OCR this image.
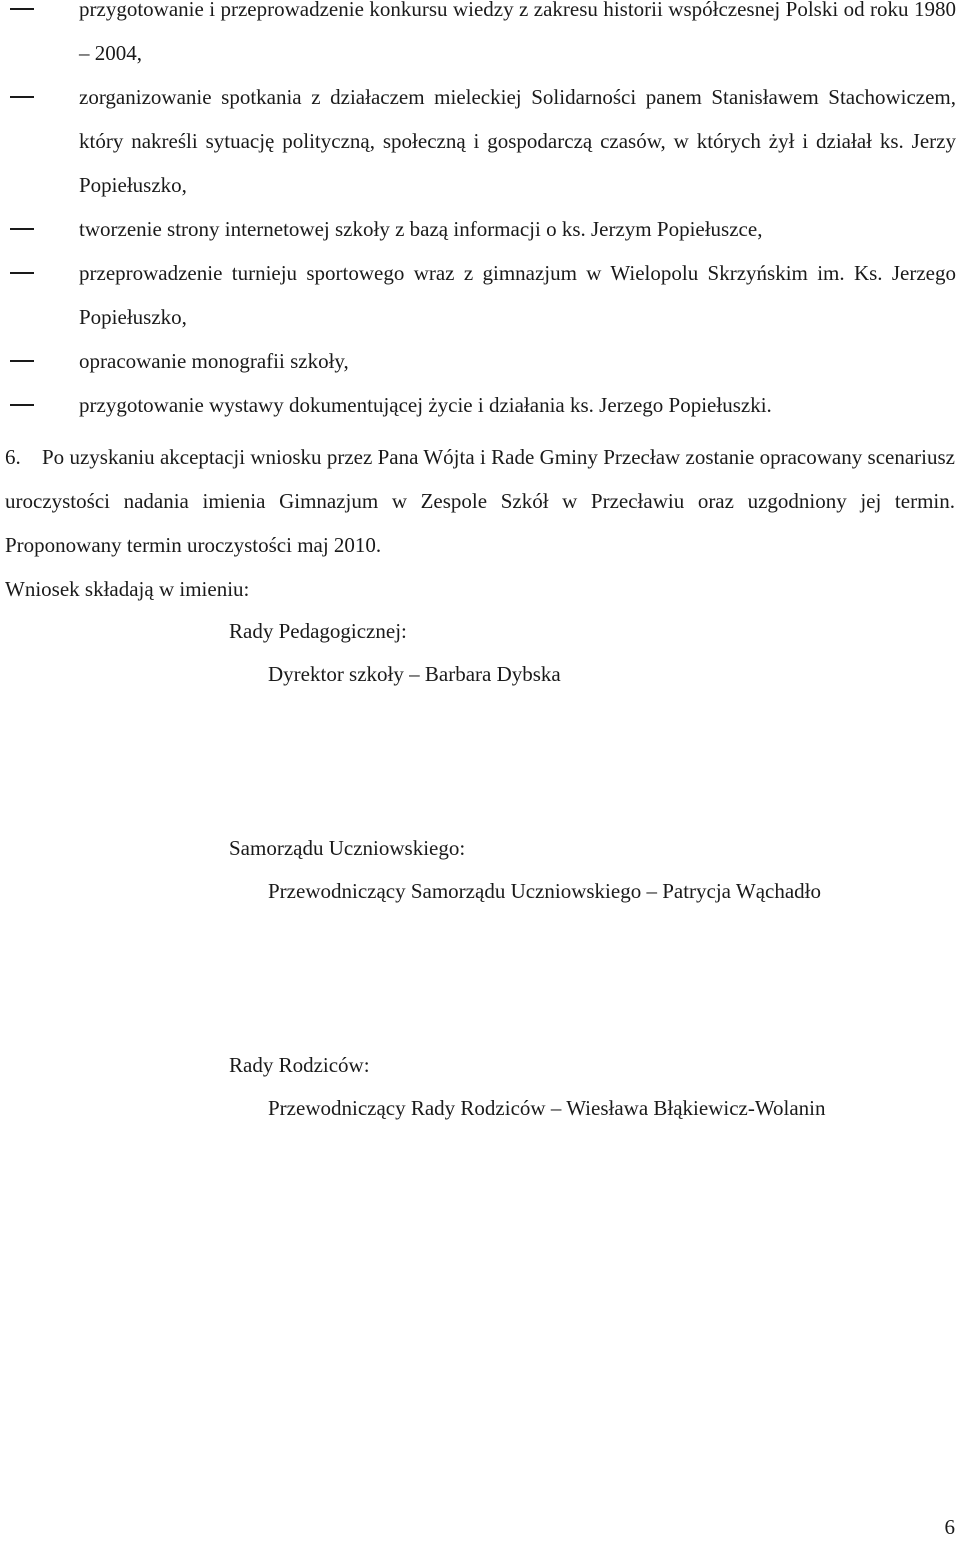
przygotowanie i przeprowadzenie konkursu wiedzy z zakresu historii współczesnej Polski od roku 1980 – 2004,
zorganizowanie spotkania z działaczem mieleckiej Solidarności panem Stanisławem Stachowiczem, który nakreśli sytuację polityczną, społeczną i gospodarczą czasów, w których żył i działał ks. Jerzy Popiełuszko,
tworzenie strony internetowej szkoły z bazą informacji o ks. Jerzym Popiełuszce,
przeprowadzenie turnieju sportowego wraz z gimnazjum w Wielopolu Skrzyńskim im. Ks. Jerzego Popiełuszko,
opracowanie monografii szkoły,
przygotowanie wystawy dokumentującej życie i działania ks. Jerzego Popiełuszki.

6. Po uzyskaniu akceptacji wniosku przez Pana Wójta i Rade Gminy Przecław zostanie opracowany scenariusz uroczystości nadania imienia Gimnazjum w Zespole Szkół w Przecławiu oraz uzgodniony jej termin. Proponowany termin uroczystości maj 2010.

Wniosek składają w imieniu:

Rady Pedagogicznej:

Dyrektor szkoły – Barbara Dybska

Samorządu Uczniowskiego:

Przewodniczący Samorządu Uczniowskiego – Patrycja Wąchadło

Rady Rodziców:

Przewodniczący Rady Rodziców – Wiesława Błąkiewicz-Wolanin

6
